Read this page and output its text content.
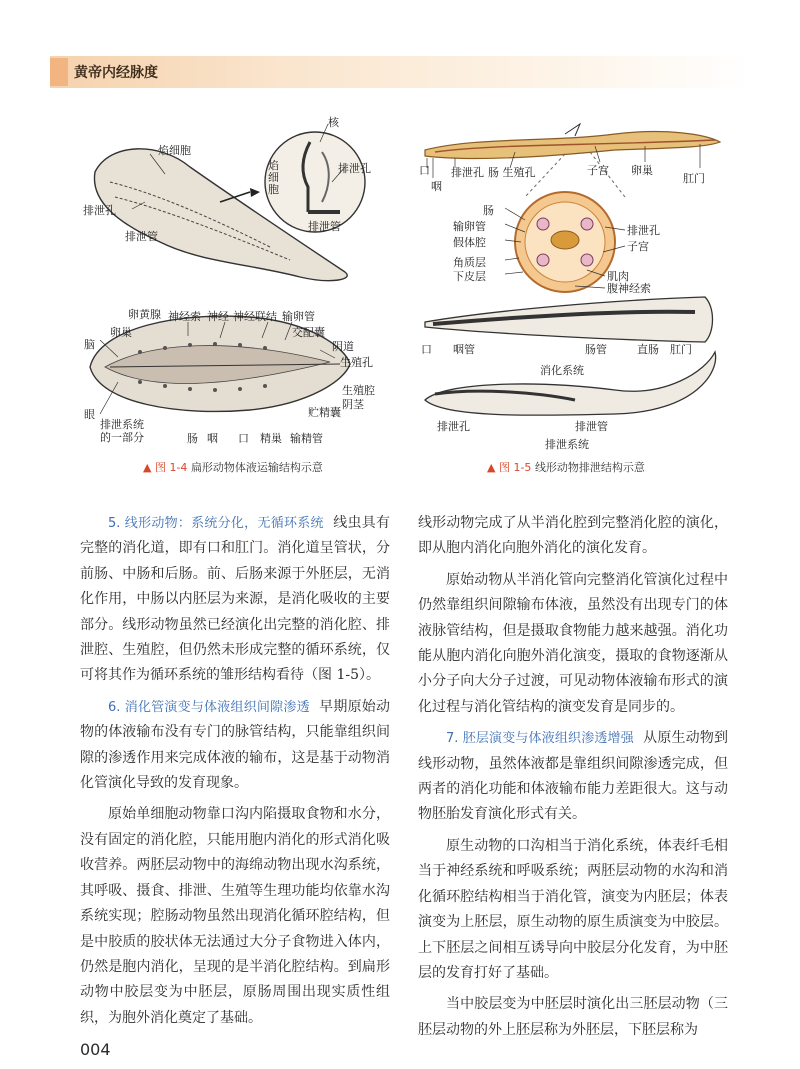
黄帝内经脉度
焰细胞
排泄孔
排泄管
核
焰细胞
排泄孔
排泄管
卵黄腺 神经索 神经 神经联结 输卵管
卵巢	交配囊
脑	阴道
生殖孔
生殖腔
阴茎
眼	贮精囊
排泄系统
的一部分	肠 咽 口 精巢 输精管
▲ 图 1-4 扁形动物体液运输结构示意
口
咽
排泄孔 肠 生殖孔	子宫 卵巢
肛门
肠
输卵管
假体腔
角质层
下皮层
排泄孔
子宫
肌肉
腹神经索
口 咽管	肠管	直肠 肛门
消化系统
排泄孔	排泄管
排泄系统
▲ 图 1-5 线形动物排泄结构示意

5. 线形动物：系统分化，无循环系统 线虫具有完整的消化道，即有口和肛门。消化道呈管状，分前肠、中肠和后肠。前、后肠来源于外胚层，无消化作用，中肠以内胚层为来源，是消化吸收的主要部分。线形动物虽然已经演化出完整的消化腔、排泄腔、生殖腔，但仍然未形成完整的循环系统，仅可将其作为循环系统的雏形结构看待（图 1-5）。

6. 消化管演变与体液组织间隙渗透 早期原始动物的体液输布没有专门的脉管结构，只能靠组织间隙的渗透作用来完成体液的输布，这是基于动物消化管演化导致的发育现象。

原始单细胞动物靠口沟内陷摄取食物和水分，没有固定的消化腔，只能用胞内消化的形式消化吸收营养。两胚层动物中的海绵动物出现水沟系统，其呼吸、摄食、排泄、生殖等生理功能均依靠水沟系统实现；腔肠动物虽然出现消化循环腔结构，但是中胶质的胶状体无法通过大分子食物进入体内，仍然是胞内消化，呈现的是半消化腔结构。到扁形动物中胶层变为中胚层，原肠周围出现实质性组织，为胞外消化奠定了基础。

线形动物完成了从半消化腔到完整消化腔的演化，即从胞内消化向胞外消化的演化发育。

原始动物从半消化管向完整消化管演化过程中仍然靠组织间隙输布体液，虽然没有出现专门的体液脉管结构，但是摄取食物能力越来越强。消化功能从胞内消化向胞外消化演变，摄取的食物逐渐从小分子向大分子过渡，可见动物体液输布形式的演化过程与消化管结构的演变发育是同步的。

7. 胚层演变与体液组织渗透增强 从原生动物到线形动物，虽然体液都是靠组织间隙渗透完成，但两者的消化功能和体液输布能力差距很大。这与动物胚胎发育演化形式有关。

原生动物的口沟相当于消化系统，体表纤毛相当于神经系统和呼吸系统；两胚层动物的水沟和消化循环腔结构相当于消化管，演变为内胚层；体表演变为上胚层，原生动物的原生质演变为中胶层。上下胚层之间相互诱导向中胶层分化发育，为中胚层的发育打好了基础。

当中胶层变为中胚层时演化出三胚层动物（三胚层动物的外上胚层称为外胚层，下胚层称为

004
